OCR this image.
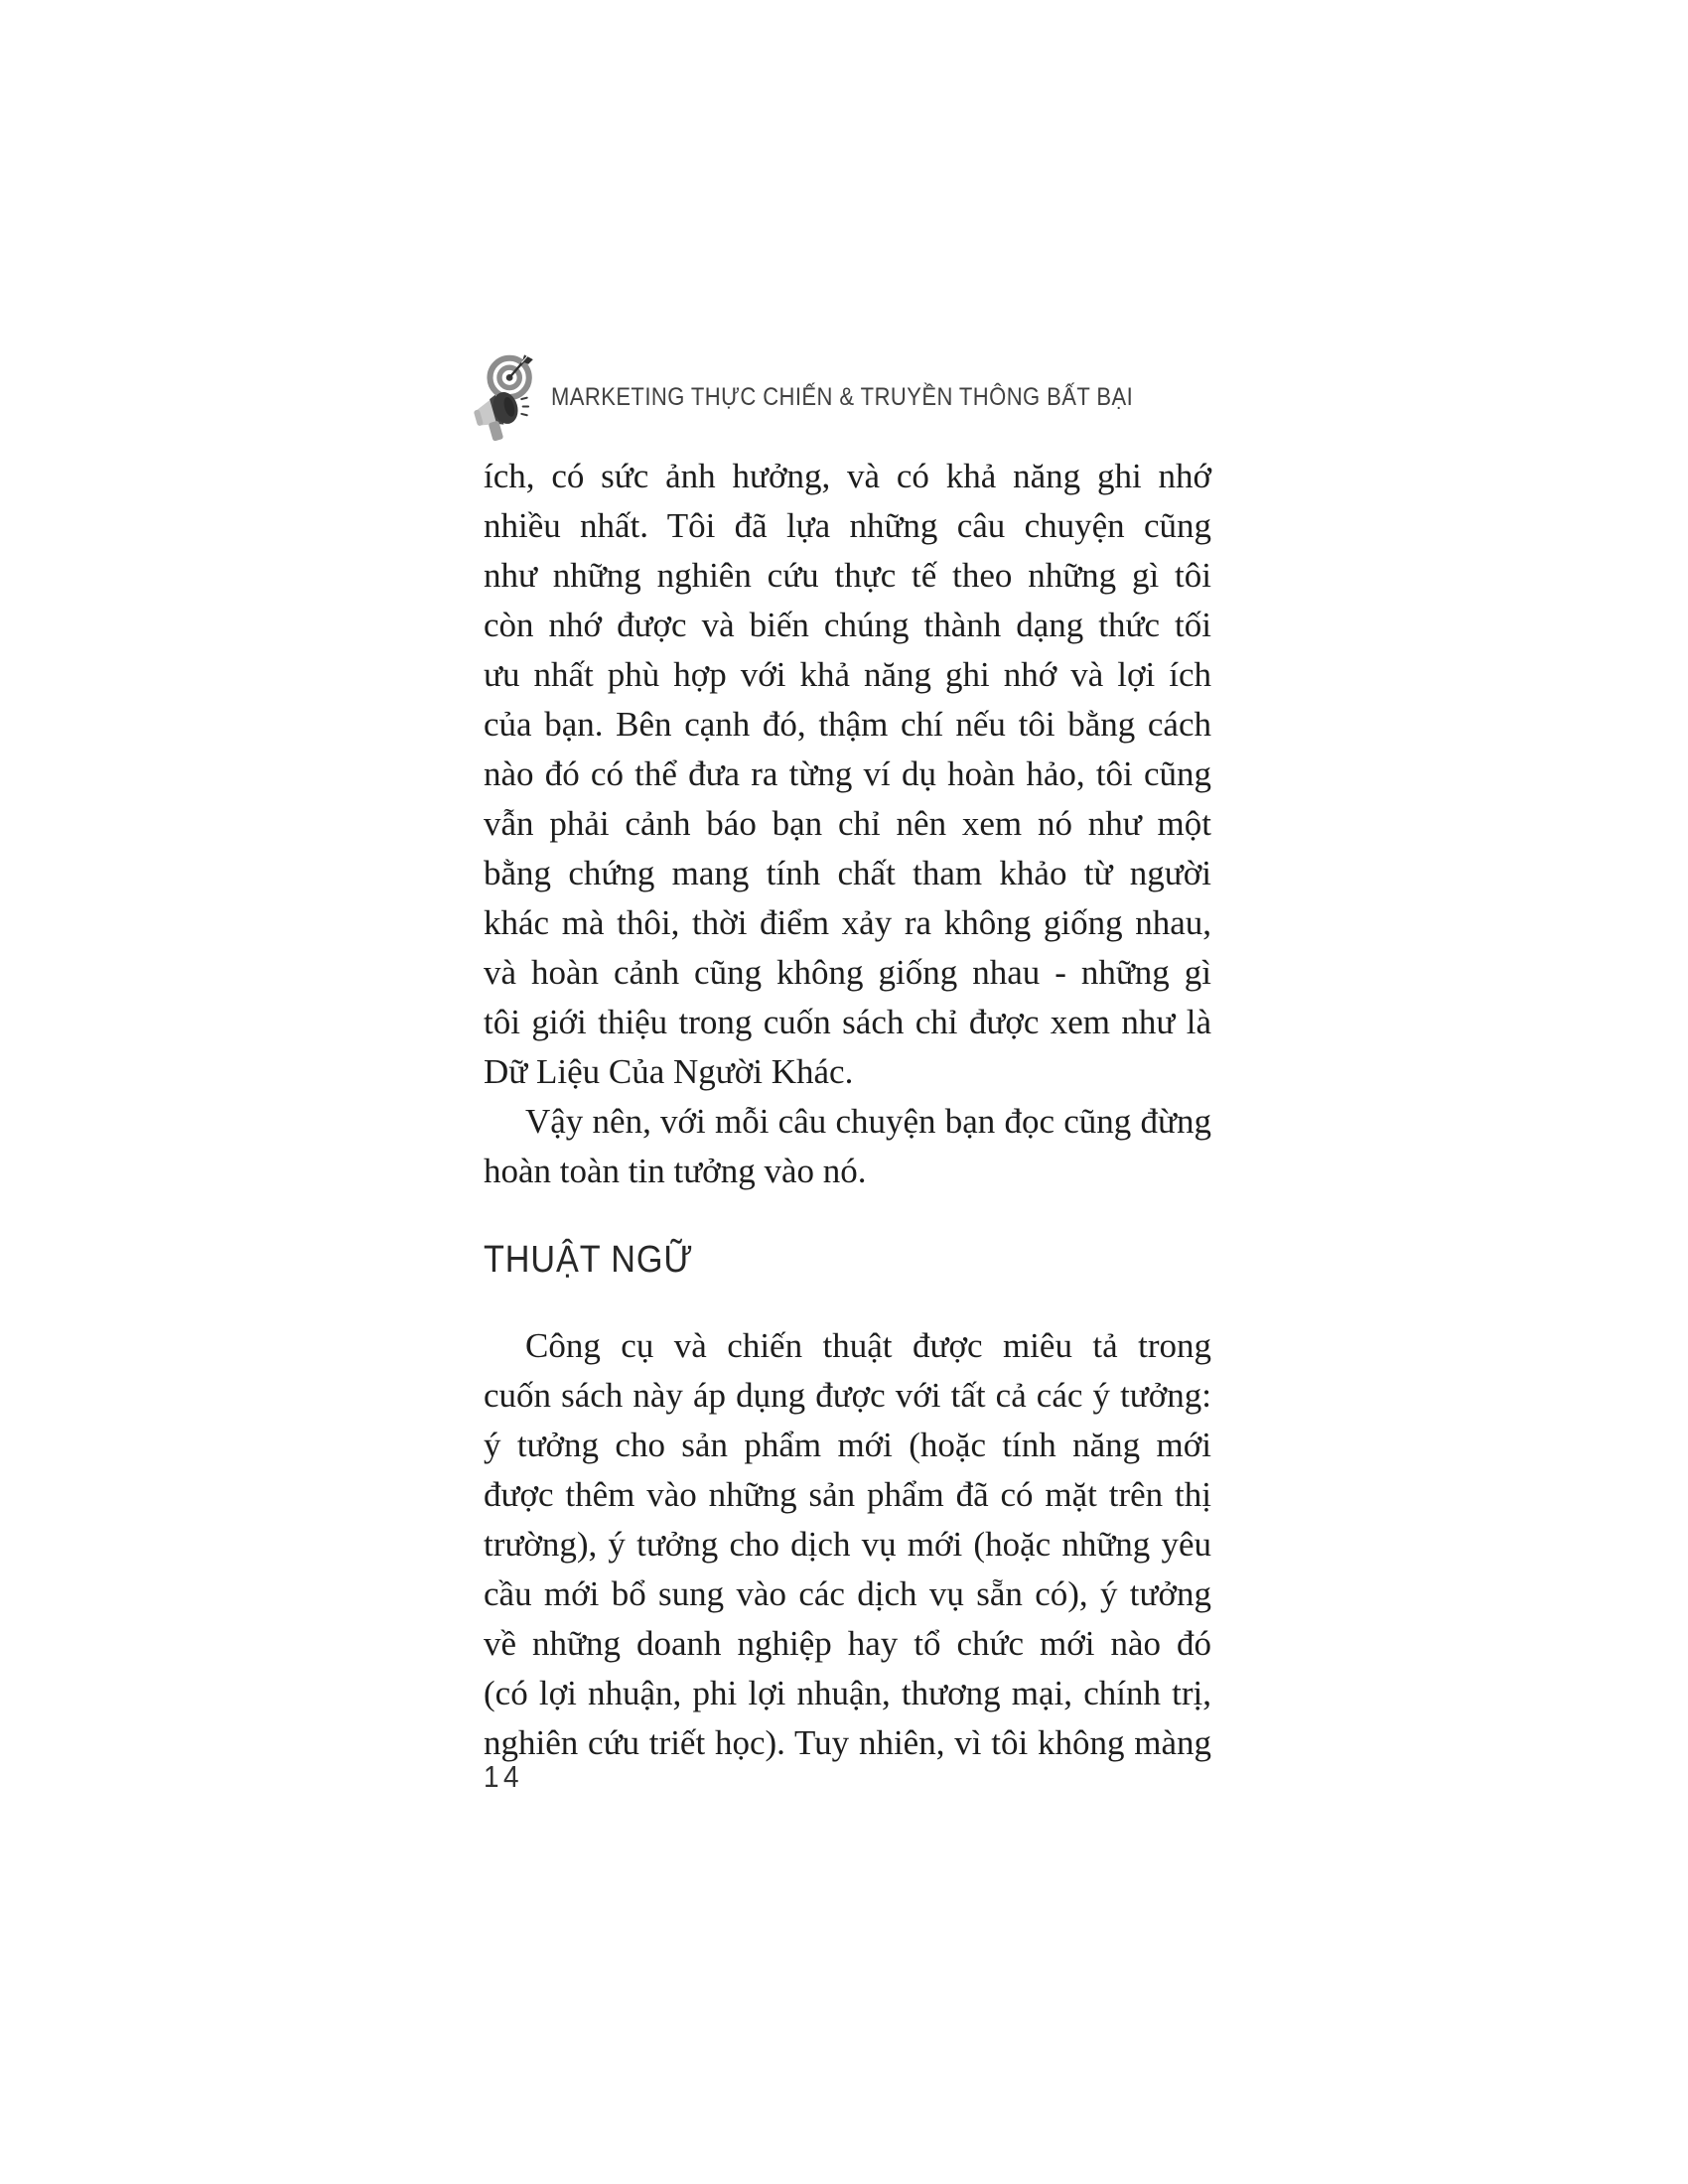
MARKETING THỰC CHIẾN & TRUYỀN THÔNG BẤT BẠI
ích, có sức ảnh hưởng, và có khả năng ghi nhớ
nhiều nhất. Tôi đã lựa những câu chuyện cũng
như những nghiên cứu thực tế theo những gì tôi
còn nhớ được và biến chúng thành dạng thức tối
ưu nhất phù hợp với khả năng ghi nhớ và lợi ích
của bạn. Bên cạnh đó, thậm chí nếu tôi bằng cách
nào đó có thể đưa ra từng ví dụ hoàn hảo, tôi cũng
vẫn phải cảnh báo bạn chỉ nên xem nó như một
bằng chứng mang tính chất tham khảo từ người
khác mà thôi, thời điểm xảy ra không giống nhau,
và hoàn cảnh cũng không giống nhau - những gì
tôi giới thiệu trong cuốn sách chỉ được xem như là
Dữ Liệu Của Người Khác.
Vậy nên, với mỗi câu chuyện bạn đọc cũng đừng
hoàn toàn tin tưởng vào nó.
THUẬT NGỮ
Công cụ và chiến thuật được miêu tả trong
cuốn sách này áp dụng được với tất cả các ý tưởng:
ý tưởng cho sản phẩm mới (hoặc tính năng mới
được thêm vào những sản phẩm đã có mặt trên thị
trường), ý tưởng cho dịch vụ mới (hoặc những yêu
cầu mới bổ sung vào các dịch vụ sẵn có), ý tưởng
về những doanh nghiệp hay tổ chức mới nào đó
(có lợi nhuận, phi lợi nhuận, thương mại, chính trị,
nghiên cứu triết học). Tuy nhiên, vì tôi không màng
14
